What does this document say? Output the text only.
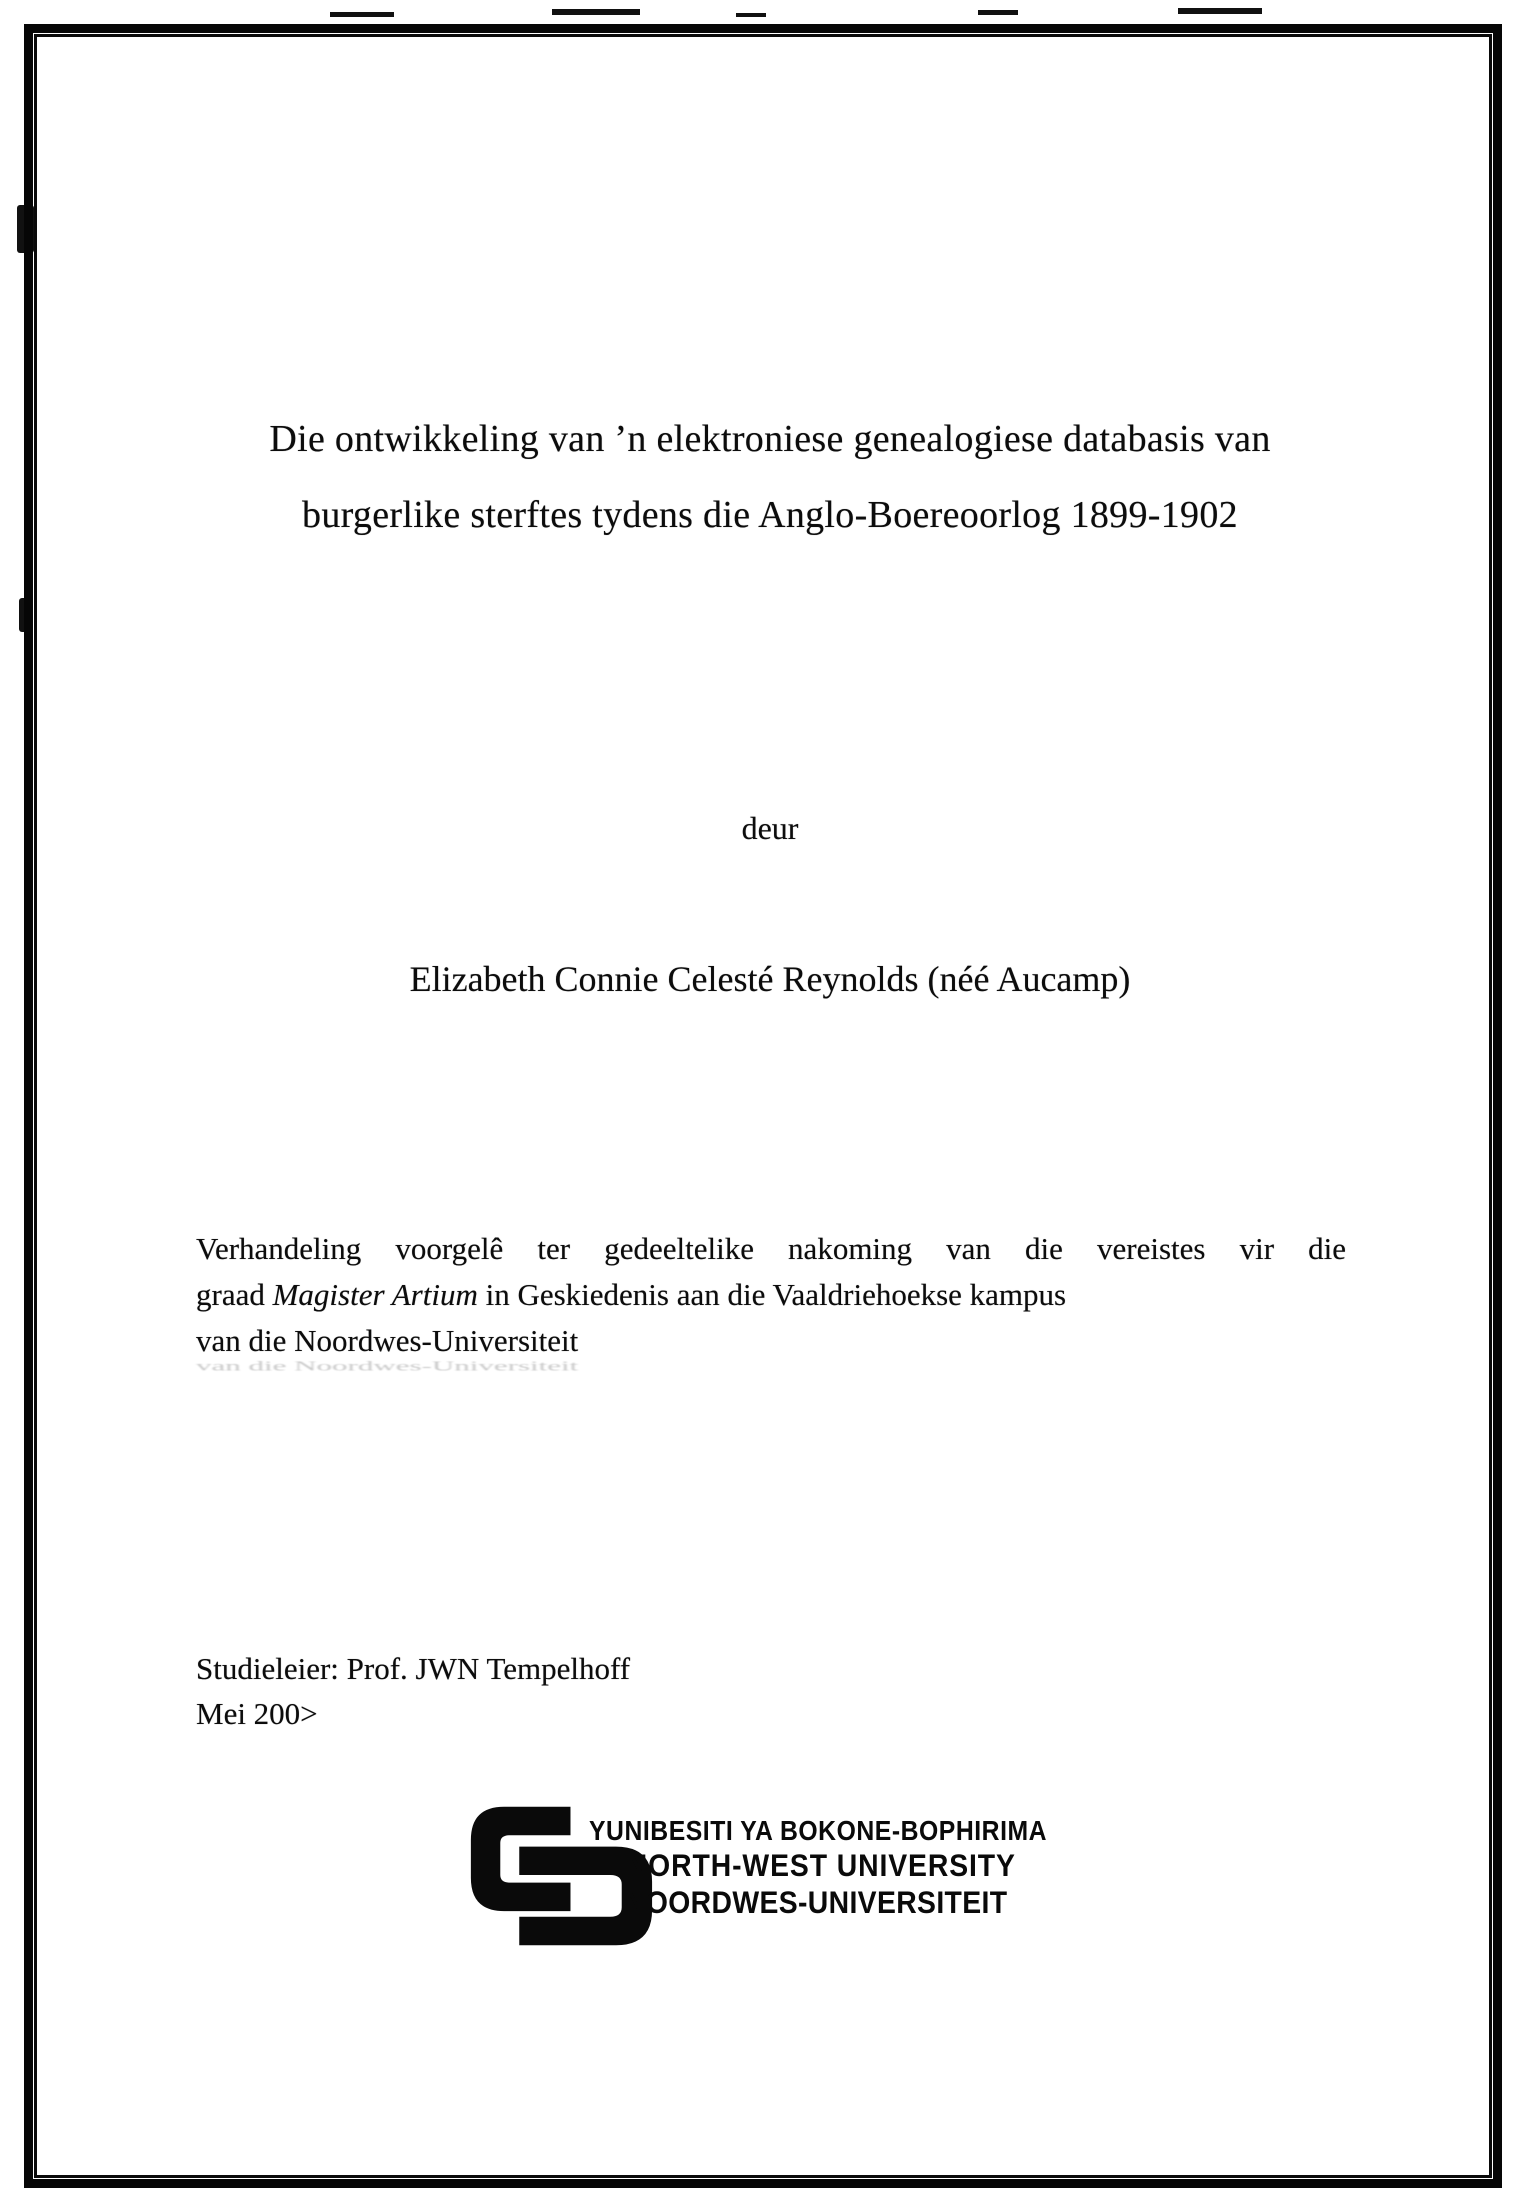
Die ontwikkeling van ’n elektroniese genealogiese databasis van
burgerlike sterftes tydens die Anglo-Boereoorlog 1899-1902
deur
Elizabeth Connie Celesté Reynolds (néé Aucamp)
Verhandeling voorgelê ter gedeeltelike nakoming van die vereistes vir die
graad Magister Artium in Geskiedenis aan die Vaaldriehoekse kampus
van die Noordwes-Universiteit
van die Noordwes-Universiteit
Studieleier: Prof. JWN Tempelhoff
Mei 200>
YUNIBESITI YA BOKONE-BOPHIRIMA
NORTH-WEST UNIVERSITY
NOORDWES-UNIVERSITEIT
